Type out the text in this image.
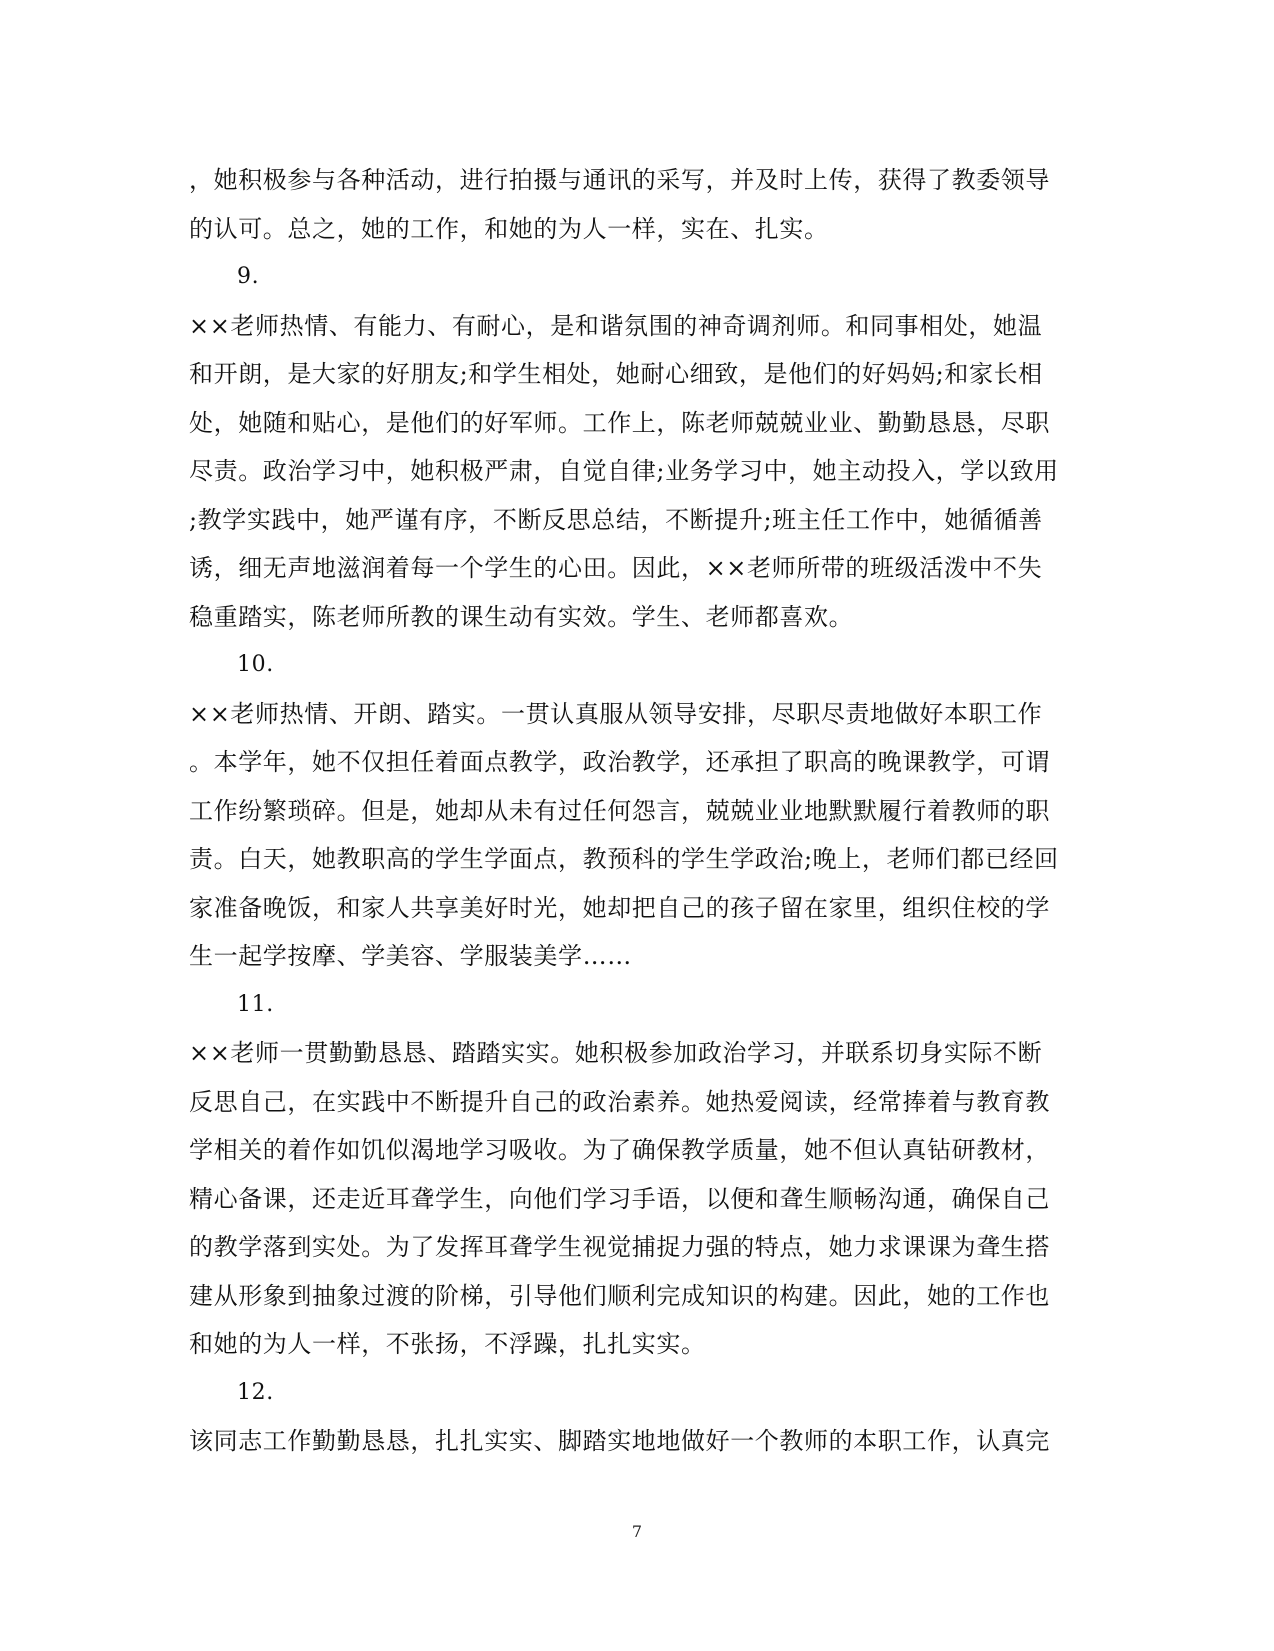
，她积极参与各种活动，进行拍摄与通讯的采写，并及时上传，获得了教委领导
的认可。总之，她的工作，和她的为人一样，实在、扎实。
9.
××老师热情、有能力、有耐心，是和谐氛围的神奇调剂师。和同事相处，她温
和开朗，是大家的好朋友;和学生相处，她耐心细致，是他们的好妈妈;和家长相
处，她随和贴心，是他们的好军师。工作上，陈老师兢兢业业、勤勤恳恳，尽职
尽责。政治学习中，她积极严肃，自觉自律;业务学习中，她主动投入，学以致用
;教学实践中，她严谨有序，不断反思总结，不断提升;班主任工作中，她循循善
诱，细无声地滋润着每一个学生的心田。因此，××老师所带的班级活泼中不失
稳重踏实，陈老师所教的课生动有实效。学生、老师都喜欢。
10.
××老师热情、开朗、踏实。一贯认真服从领导安排，尽职尽责地做好本职工作
。本学年，她不仅担任着面点教学，政治教学，还承担了职高的晚课教学，可谓
工作纷繁琐碎。但是，她却从未有过任何怨言，兢兢业业地默默履行着教师的职
责。白天，她教职高的学生学面点，教预科的学生学政治;晚上，老师们都已经回
家准备晚饭，和家人共享美好时光，她却把自己的孩子留在家里，组织住校的学
生一起学按摩、学美容、学服装美学……
11.
××老师一贯勤勤恳恳、踏踏实实。她积极参加政治学习，并联系切身实际不断
反思自己，在实践中不断提升自己的政治素养。她热爱阅读，经常捧着与教育教
学相关的着作如饥似渴地学习吸收。为了确保教学质量，她不但认真钻研教材，
精心备课，还走近耳聋学生，向他们学习手语，以便和聋生顺畅沟通，确保自己
的教学落到实处。为了发挥耳聋学生视觉捕捉力强的特点，她力求课课为聋生搭
建从形象到抽象过渡的阶梯，引导他们顺利完成知识的构建。因此，她的工作也
和她的为人一样，不张扬，不浮躁，扎扎实实。
12.
该同志工作勤勤恳恳，扎扎实实、脚踏实地地做好一个教师的本职工作，认真完
7
